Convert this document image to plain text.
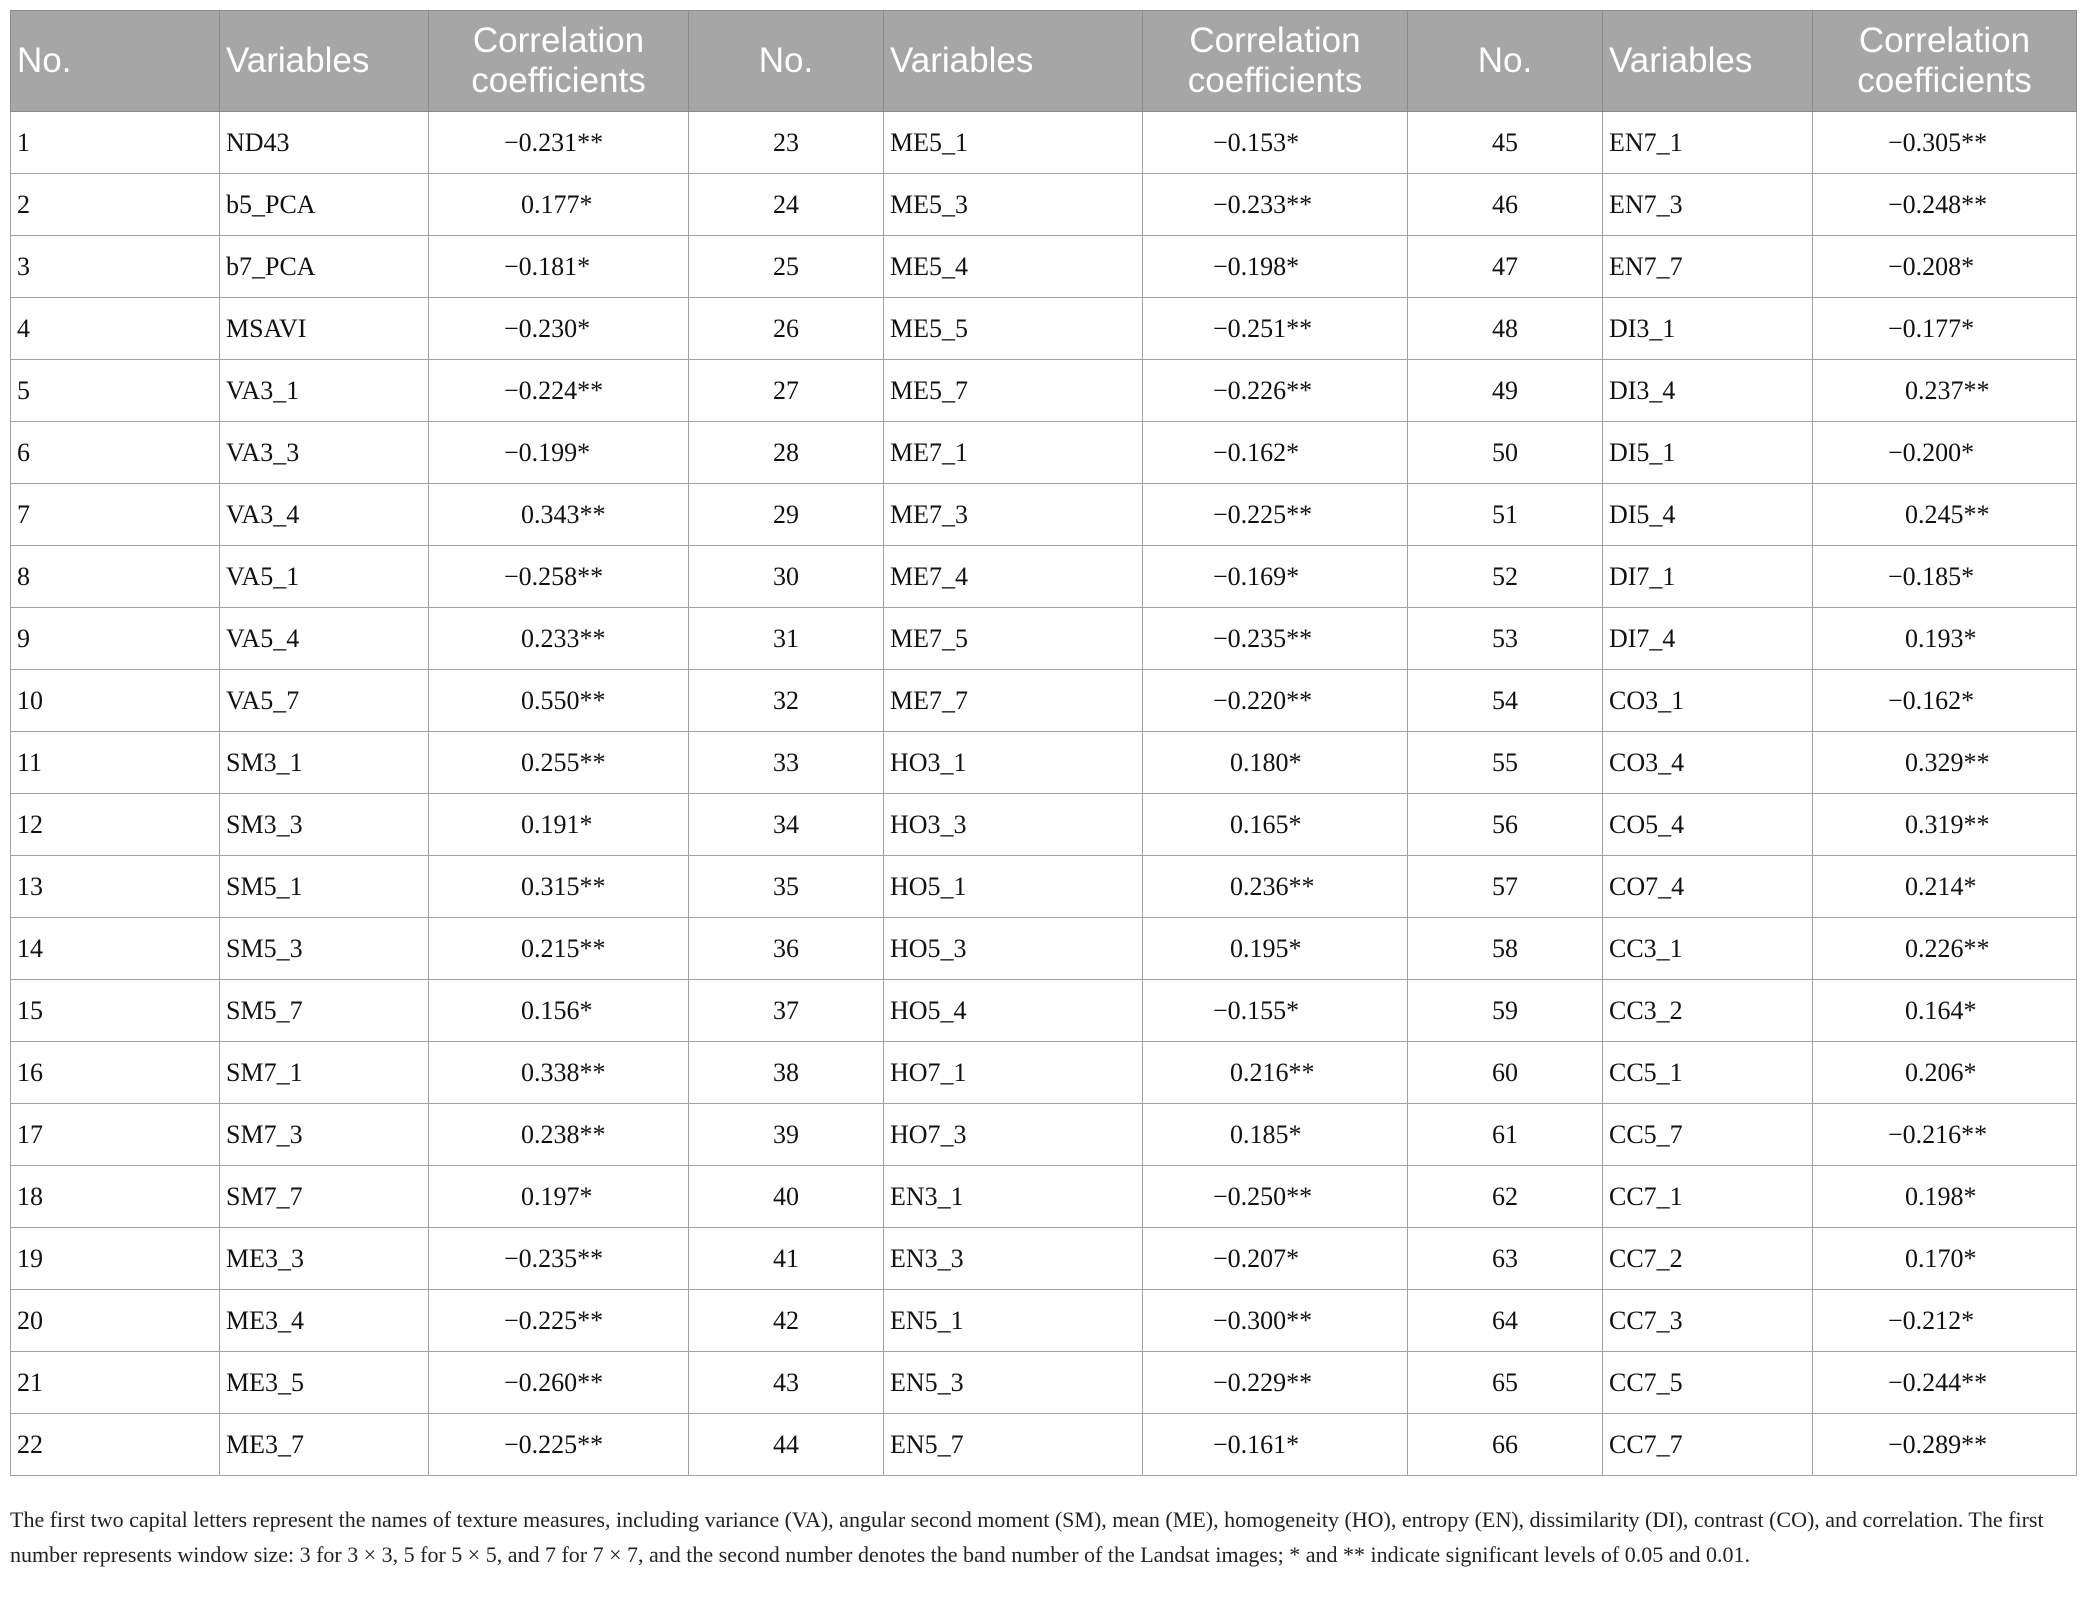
No.	Variables	Correlation coefficients	No.	Variables	Correlation coefficients	No.	Variables	Correlation coefficients
1	ND43	−0.231**	23	ME5_1	−0.153*	45	EN7_1	−0.305**
2	b5_PCA	0.177*	24	ME5_3	−0.233**	46	EN7_3	−0.248**
3	b7_PCA	−0.181*	25	ME5_4	−0.198*	47	EN7_7	−0.208*
4	MSAVI	−0.230*	26	ME5_5	−0.251**	48	DI3_1	−0.177*
5	VA3_1	−0.224**	27	ME5_7	−0.226**	49	DI3_4	0.237**
6	VA3_3	−0.199*	28	ME7_1	−0.162*	50	DI5_1	−0.200*
7	VA3_4	0.343**	29	ME7_3	−0.225**	51	DI5_4	0.245**
8	VA5_1	−0.258**	30	ME7_4	−0.169*	52	DI7_1	−0.185*
9	VA5_4	0.233**	31	ME7_5	−0.235**	53	DI7_4	0.193*
10	VA5_7	0.550**	32	ME7_7	−0.220**	54	CO3_1	−0.162*
11	SM3_1	0.255**	33	HO3_1	0.180*	55	CO3_4	0.329**
12	SM3_3	0.191*	34	HO3_3	0.165*	56	CO5_4	0.319**
13	SM5_1	0.315**	35	HO5_1	0.236**	57	CO7_4	0.214*
14	SM5_3	0.215**	36	HO5_3	0.195*	58	CC3_1	0.226**
15	SM5_7	0.156*	37	HO5_4	−0.155*	59	CC3_2	0.164*
16	SM7_1	0.338**	38	HO7_1	0.216**	60	CC5_1	0.206*
17	SM7_3	0.238**	39	HO7_3	0.185*	61	CC5_7	−0.216**
18	SM7_7	0.197*	40	EN3_1	−0.250**	62	CC7_1	0.198*
19	ME3_3	−0.235**	41	EN3_3	−0.207*	63	CC7_2	0.170*
20	ME3_4	−0.225**	42	EN5_1	−0.300**	64	CC7_3	−0.212*
21	ME3_5	−0.260**	43	EN5_3	−0.229**	65	CC7_5	−0.244**
22	ME3_7	−0.225**	44	EN5_7	−0.161*	66	CC7_7	−0.289**
The first two capital letters represent the names of texture measures, including variance (VA), angular second moment (SM), mean (ME), homogeneity (HO), entropy (EN), dissimilarity (DI), contrast (CO), and correlation. The first number represents window size: 3 for 3 × 3, 5 for 5 × 5, and 7 for 7 × 7, and the second number denotes the band number of the Landsat images; * and ** indicate significant levels of 0.05 and 0.01.
